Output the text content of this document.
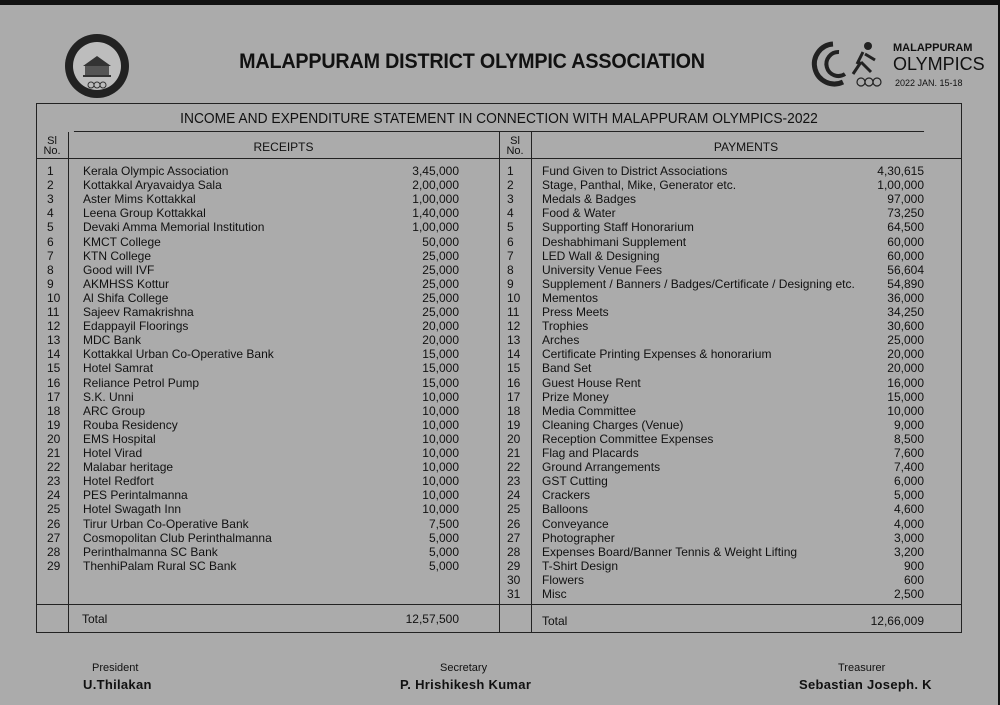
MALAPPURAM DISTRICT OLYMPIC ASSOCIATION
MALAPPURAM
OLYMPICS
2022 JAN. 15-18
INCOME AND EXPENDITURE STATEMENT IN CONNECTION WITH MALAPPURAM OLYMPICS-2022
Sl
No.	RECEIPTS	Sl
No.	PAYMENTS
1 Kerala Olympic Association	3,45,000
2 Kottakkal Aryavaidya Sala	2,00,000
3 Aster Mims Kottakkal	1,00,000
4 Leena Group Kottakkal	1,40,000
5 Devaki Amma Memorial Institution	1,00,000
6 KMCT College	50,000
7 KTN College	25,000
8 Good will IVF	25,000
9 AKMHSS Kottur	25,000
10 Al Shifa College	25,000
11 Sajeev Ramakrishna	25,000
12 Edappayil Floorings	20,000
13 MDC Bank	20,000
14 Kottakkal Urban Co-Operative Bank	15,000
15 Hotel Samrat	15,000
16 Reliance Petrol Pump	15,000
17 S.K. Unni	10,000
18 ARC Group	10,000
19 Rouba Residency	10,000
20 EMS Hospital	10,000
21 Hotel Virad	10,000
22 Malabar heritage	10,000
23 Hotel Redfort	10,000
24 PES Perintalmanna	10,000
25 Hotel Swagath Inn	10,000
26 Tirur Urban Co-Operative Bank	7,500
27 Cosmopolitan Club Perinthalmanna	5,000
28 Perinthalmanna SC Bank	5,000
29 ThenhiPalam Rural SC Bank	5,000
1 Fund Given to District Associations	4,30,615
2 Stage, Panthal, Mike, Generator etc.	1,00,000
3 Medals & Badges	97,000
4 Food & Water	73,250
5 Supporting Staff Honorarium	64,500
6 Deshabhimani Supplement	60,000
7 LED Wall & Designing	60,000
8 University Venue Fees	56,604
9 Supplement / Banners / Badges/Certificate / Designing etc.	54,890
10 Mementos	36,000
11 Press Meets	34,250
12 Trophies	30,600
13 Arches	25,000
14 Certificate Printing Expenses & honorarium	20,000
15 Band Set	20,000
16 Guest House Rent	16,000
17 Prize Money	15,000
18 Media Committee	10,000
19 Cleaning Charges (Venue)	9,000
20 Reception Committee Expenses	8,500
21 Flag and Placards	7,600
22 Ground Arrangements	7,400
23 GST Cutting	6,000
24 Crackers	5,000
25 Balloons	4,600
26 Conveyance	4,000
27 Photographer	3,000
28 Expenses Board/Banner Tennis & Weight Lifting	3,200
29 T-Shirt Design	900
30 Flowers	600
31 Misc	2,500
Total	12,57,500	Total	12,66,009
President
U.Thilakan
Secretary
P. Hrishikesh Kumar
Treasurer
Sebastian Joseph. K
